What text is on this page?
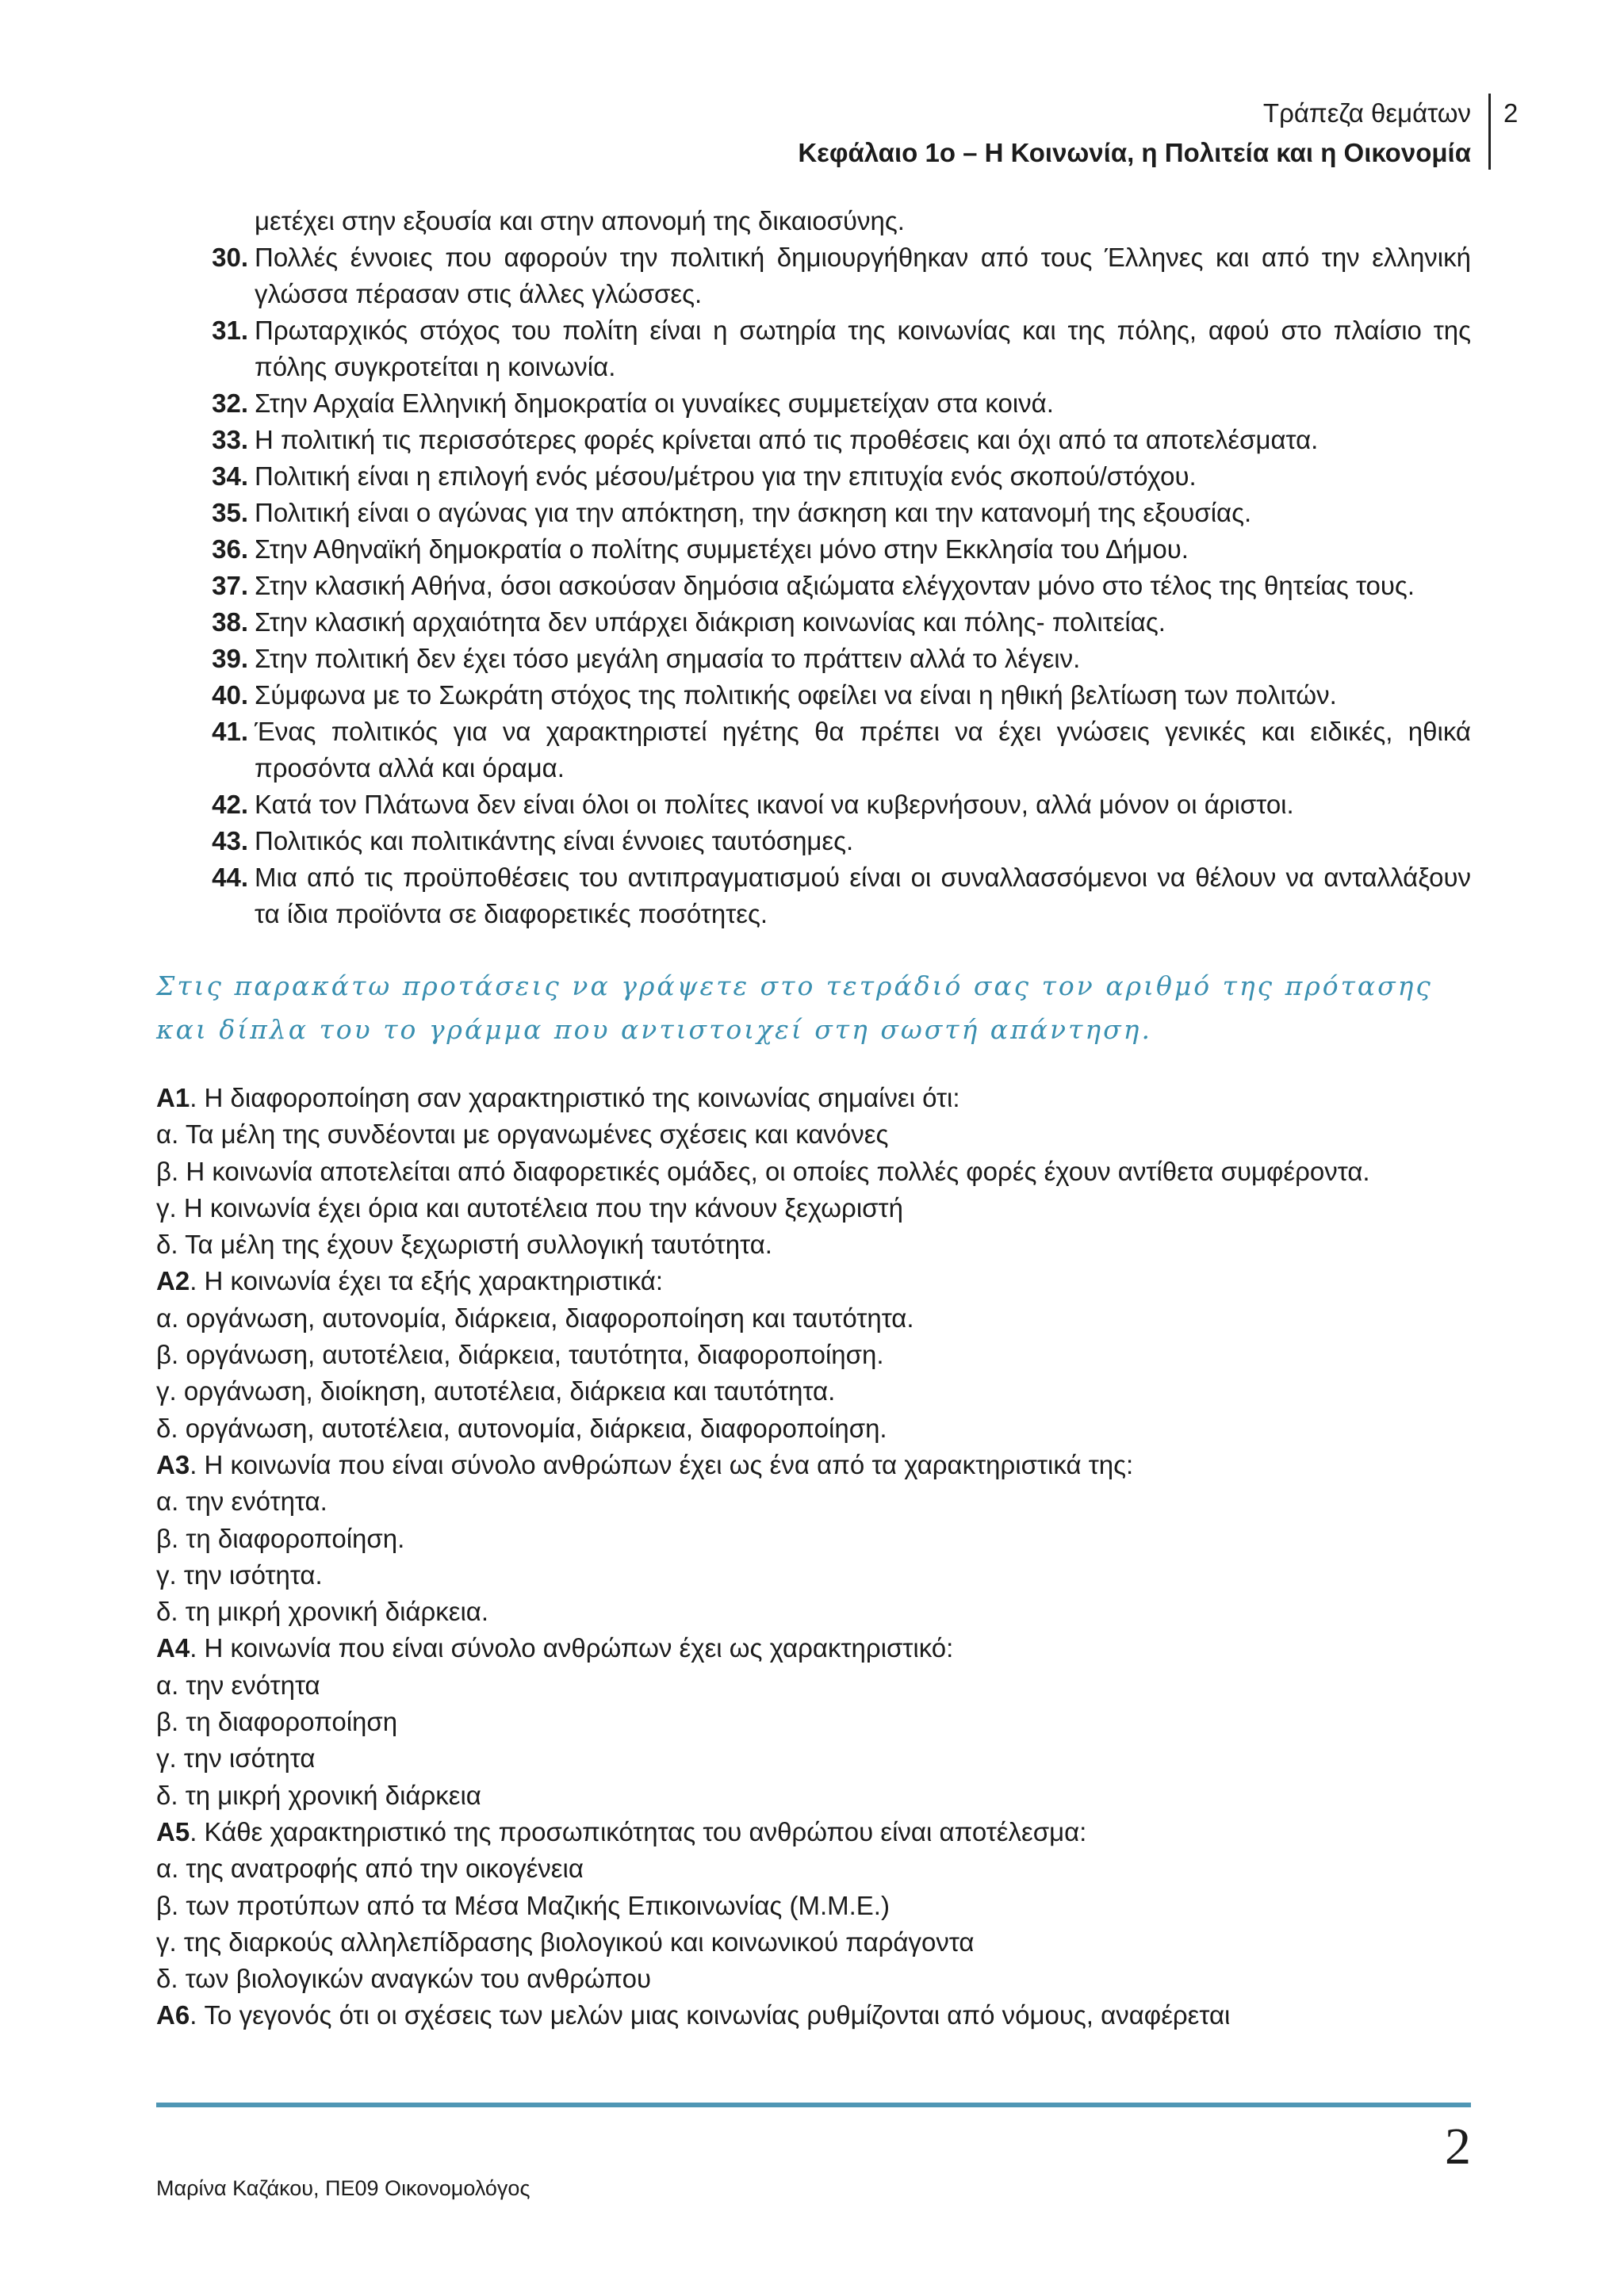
Τράπεζα θεμάτων
Κεφάλαιο 1ο – Η Κοινωνία, η Πολιτεία και η Οικονομία
2
μετέχει στην εξουσία και στην απονομή της δικαιοσύνης.
30. Πολλές έννοιες που αφορούν την πολιτική δημιουργήθηκαν από τους Έλληνες και από την ελληνική γλώσσα πέρασαν στις άλλες γλώσσες.
31. Πρωταρχικός στόχος του πολίτη είναι η σωτηρία της κοινωνίας και της πόλης, αφού στο πλαίσιο της πόλης συγκροτείται η κοινωνία.
32. Στην Αρχαία Ελληνική δημοκρατία οι γυναίκες συμμετείχαν στα κοινά.
33. Η πολιτική τις περισσότερες φορές κρίνεται από τις προθέσεις και όχι από τα αποτελέσματα.
34. Πολιτική είναι η επιλογή ενός μέσου/μέτρου για την επιτυχία ενός σκοπού/στόχου.
35. Πολιτική είναι ο αγώνας για την απόκτηση, την άσκηση και την κατανομή της εξουσίας.
36. Στην Αθηναϊκή δημοκρατία ο πολίτης συμμετέχει μόνο στην Εκκλησία του Δήμου.
37. Στην κλασική Αθήνα, όσοι ασκούσαν δημόσια αξιώματα ελέγχονταν μόνο στο τέλος της θητείας τους.
38. Στην κλασική αρχαιότητα δεν υπάρχει διάκριση κοινωνίας και πόλης- πολιτείας.
39. Στην πολιτική δεν έχει τόσο μεγάλη σημασία το πράττειν αλλά το λέγειν.
40. Σύμφωνα με το Σωκράτη στόχος της πολιτικής οφείλει να είναι η ηθική βελτίωση των πολιτών.
41. Ένας πολιτικός για να χαρακτηριστεί ηγέτης θα πρέπει να έχει γνώσεις γενικές και ειδικές, ηθικά προσόντα αλλά και όραμα.
42. Κατά τον Πλάτωνα δεν είναι όλοι οι πολίτες ικανοί να κυβερνήσουν, αλλά μόνον οι άριστοι.
43. Πολιτικός και πολιτικάντης είναι έννοιες ταυτόσημες.
44. Μια από τις προϋποθέσεις του αντιπραγματισμού είναι οι συναλλασσόμενοι να θέλουν να ανταλλάξουν τα ίδια προϊόντα σε διαφορετικές ποσότητες.
Στις παρακάτω προτάσεις να γράψετε στο τετράδιό σας τον αριθμό της πρότασης και δίπλα του το γράμμα που αντιστοιχεί στη σωστή απάντηση.
A1. Η διαφοροποίηση σαν χαρακτηριστικό της κοινωνίας σημαίνει ότι:
α. Τα μέλη της συνδέονται με οργανωμένες σχέσεις και κανόνες
β. Η κοινωνία αποτελείται από διαφορετικές ομάδες, οι οποίες πολλές φορές έχουν αντίθετα συμφέροντα.
γ. Η κοινωνία έχει όρια και αυτοτέλεια που την κάνουν ξεχωριστή
δ. Τα μέλη της έχουν ξεχωριστή συλλογική ταυτότητα.
A2. Η κοινωνία έχει τα εξής χαρακτηριστικά:
α. οργάνωση, αυτονομία, διάρκεια, διαφοροποίηση και ταυτότητα.
β. οργάνωση, αυτοτέλεια, διάρκεια, ταυτότητα, διαφοροποίηση.
γ. οργάνωση, διοίκηση, αυτοτέλεια, διάρκεια και ταυτότητα.
δ. οργάνωση, αυτοτέλεια, αυτονομία, διάρκεια, διαφοροποίηση.
A3. Η κοινωνία που είναι σύνολο ανθρώπων έχει ως ένα από τα χαρακτηριστικά της:
α. την ενότητα.
β. τη διαφοροποίηση.
γ. την ισότητα.
δ. τη μικρή χρονική διάρκεια.
A4. Η κοινωνία που είναι σύνολο ανθρώπων έχει ως χαρακτηριστικό:
α. την ενότητα
β. τη διαφοροποίηση
γ. την ισότητα
δ. τη μικρή χρονική διάρκεια
A5. Κάθε χαρακτηριστικό της προσωπικότητας του ανθρώπου είναι αποτέλεσμα:
α. της ανατροφής από την οικογένεια
β. των προτύπων από τα Μέσα Μαζικής Επικοινωνίας (Μ.Μ.Ε.)
γ. της διαρκούς αλληλεπίδρασης βιολογικού και κοινωνικού παράγοντα
δ. των βιολογικών αναγκών του ανθρώπου
A6. Το γεγονός ότι οι σχέσεις των μελών μιας κοινωνίας ρυθμίζονται από νόμους, αναφέρεται
2
Μαρίνα Καζάκου, ΠΕ09 Οικονομολόγος
